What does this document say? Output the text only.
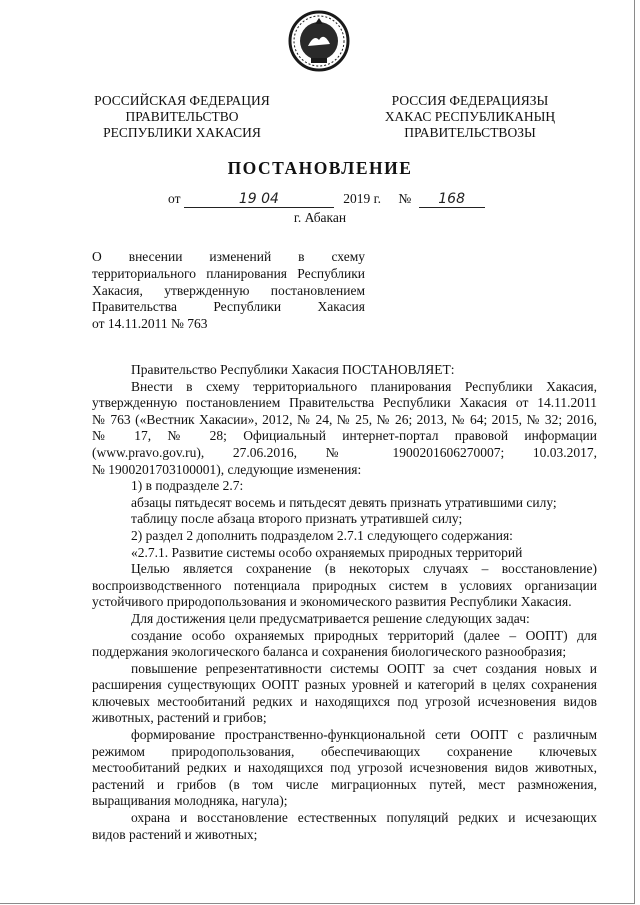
РОССИЙСКАЯ ФЕДЕРАЦИЯ
ПРАВИТЕЛЬСТВО
РЕСПУБЛИКИ ХАКАСИЯ
РОССИЯ ФЕДЕРАЦИЯЗЫ
ХАКАС РЕСПУБЛИКАНЫҢ
ПРАВИТЕЛЬСТВОЗЫ
ПОСТАНОВЛЕНИЕ
от	19 04	2019 г. № 168
г. Абакан
О внесении изменений в схему
территориального планирования Республики
Хакасия, утвержденную постановлением
Правительства Республики Хакасия
от 14.11.2011 № 763
Правительство Республики Хакасия ПОСТАНОВЛЯЕТ:
Внести в схему территориального планирования Республики Хакасия,
утвержденную постановлением Правительства Республики Хакасия от 14.11.2011
№ 763 («Вестник Хакасии», 2012, № 24, № 25, № 26; 2013, № 64; 2015, № 32; 2016,
№ 17, № 28; Официальный интернет-портал правовой информации
(www.pravo.gov.ru), 27.06.2016, № 1900201606270007; 10.03.2017,
№ 1900201703100001), следующие изменения:
1) в подразделе 2.7:
абзацы пятьдесят восемь и пятьдесят девять признать утратившими силу;
таблицу после абзаца второго признать утратившей силу;
2) раздел 2 дополнить подразделом 2.7.1 следующего содержания:
«2.7.1. Развитие системы особо охраняемых природных территорий
Целью является сохранение (в некоторых случаях – восстановление)
воспроизводственного потенциала природных систем в условиях организации
устойчивого природопользования и экономического развития Республики Хакасия.
Для достижения цели предусматривается решение следующих задач:
создание особо охраняемых природных территорий (далее – ООПТ) для
поддержания экологического баланса и сохранения биологического разнообразия;
повышение репрезентативности системы ООПТ за счет создания новых и
расширения существующих ООПТ разных уровней и категорий в целях сохранения
ключевых местообитаний редких и находящихся под угрозой исчезновения видов
животных, растений и грибов;
формирование пространственно-функциональной сети ООПТ с различным
режимом природопользования, обеспечивающих сохранение ключевых
местообитаний редких и находящихся под угрозой исчезновения видов животных,
растений и грибов (в том числе миграционных путей, мест размножения,
выращивания молодняка, нагула);
охрана и восстановление естественных популяций редких и исчезающих
видов растений и животных;
